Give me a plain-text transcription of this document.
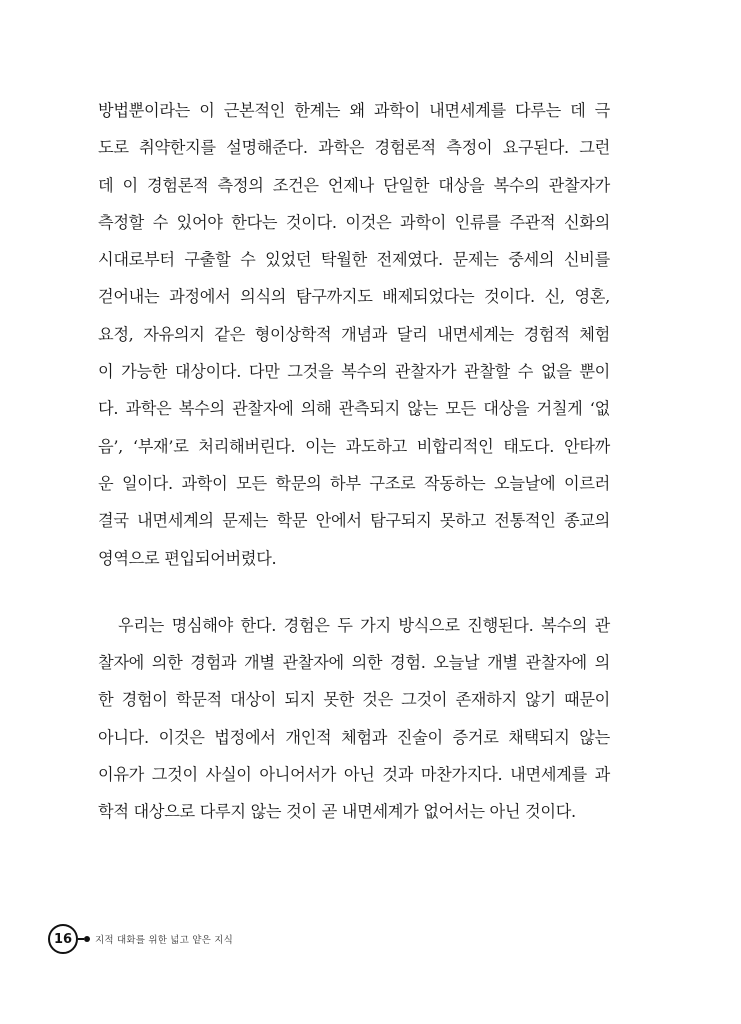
방법뿐이라는 이 근본적인 한계는 왜 과학이 내면세계를 다루는 데 극
도로 취약한지를 설명해준다. 과학은 경험론적 측정이 요구된다. 그런
데 이 경험론적 측정의 조건은 언제나 단일한 대상을 복수의 관찰자가
측정할 수 있어야 한다는 것이다. 이것은 과학이 인류를 주관적 신화의
시대로부터 구출할 수 있었던 탁월한 전제였다. 문제는 중세의 신비를
걷어내는 과정에서 의식의 탐구까지도 배제되었다는 것이다. 신, 영혼,
요정, 자유의지 같은 형이상학적 개념과 달리 내면세계는 경험적 체험
이 가능한 대상이다. 다만 그것을 복수의 관찰자가 관찰할 수 없을 뿐이
다. 과학은 복수의 관찰자에 의해 관측되지 않는 모든 대상을 거칠게 ‘없
음’, ‘부재’로 처리해버린다. 이는 과도하고 비합리적인 태도다. 안타까
운 일이다. 과학이 모든 학문의 하부 구조로 작동하는 오늘날에 이르러
결국 내면세계의 문제는 학문 안에서 탐구되지 못하고 전통적인 종교의
영역으로 편입되어버렸다.
우리는 명심해야 한다. 경험은 두 가지 방식으로 진행된다. 복수의 관
찰자에 의한 경험과 개별 관찰자에 의한 경험. 오늘날 개별 관찰자에 의
한 경험이 학문적 대상이 되지 못한 것은 그것이 존재하지 않기 때문이
아니다. 이것은 법정에서 개인적 체험과 진술이 증거로 채택되지 않는
이유가 그것이 사실이 아니어서가 아닌 것과 마찬가지다. 내면세계를 과
학적 대상으로 다루지 않는 것이 곧 내면세계가 없어서는 아닌 것이다.
16	지적 대화를 위한 넓고 얕은 지식
